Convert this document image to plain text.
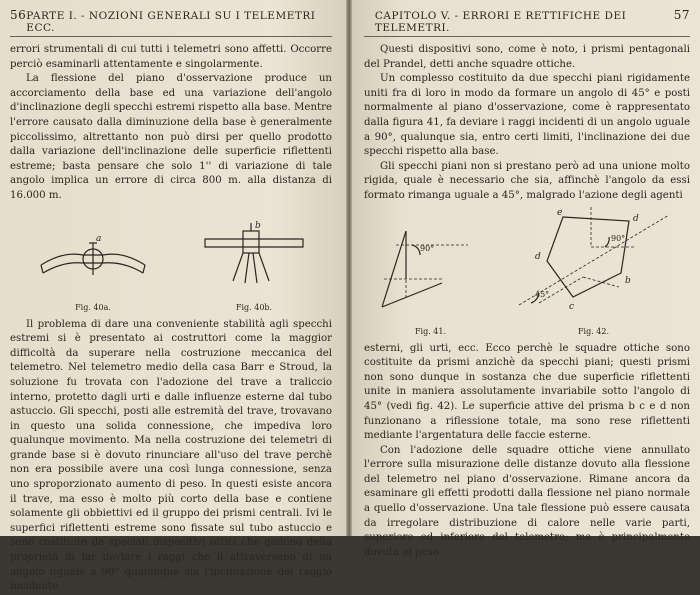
56 PARTE I. - NOZIONI GENERALI SU I TELEMETRI ECC.

errori strumentali di cui tutti i telemetri sono affetti. Occorre perciò esaminarli attentamente e singolarmente.

La flessione del piano d'osservazione produce un accorciamento della base ed una variazione dell'angolo d'inclinazione degli specchi estremi rispetto alla base. Mentre l'errore causato dalla diminuzione della base è generalmente piccolissimo, altrettanto non può dirsi per quello prodotto dalla variazione dell'inclinazione delle superficie riflettenti estreme; basta pensare che solo 1'' di variazione di tale angolo implica un errore di circa 800 m. alla distanza di 16.000 m.

a
Fig. 40a.
b
Fig. 40b.

Il problema di dare una conveniente stabilità agli specchi estremi si è presentato ai costruttori come la maggior difficoltà da superare nella costruzione meccanica del telemetro. Nel telemetro medio della casa Barr e Stroud, la soluzione fu trovata con l'adozione del trave a traliccio interno, protetto dagli urti e dalle influenze esterne dal tubo astuccio. Gli specchi, posti alle estremità del trave, trovavano in questo una solida connessione, che impediva loro qualunque movimento. Ma nella costruzione dei telemetri di grande base si è dovuto rinunciare all'uso del trave perchè non era possibile avere una così lunga connessione, senza uno sproporzionato aumento di peso. In questi esiste ancora il trave, ma esso è molto più corto della base e contiene solamente gli obbiettivi ed il gruppo dei prismi centrali. Ivi le superfici riflettenti estreme sono fissate sul tubo astuccio e sono costituite da speciali dispositivi ottici che godono della proprietà di far deviare i raggi che li attraversano di un angolo uguale a 90° qualunque sia l'inclinazione del raggio incidente.

CAPITOLO V. - ERRORI E RETTIFICHE DEI TELEMETRI.
57

Questi dispositivi sono, come è noto, i prismi pentagonali del Prandel, detti anche squadre ottiche.

Un complesso costituito da due specchi piani rigidamente uniti fra di loro in modo da formare un angolo di 45° e posti normalmente al piano d'osservazione, come è rappresentato dalla figura 41, fa deviare i raggi incidenti di un angolo uguale a 90°, qualunque sia, entro certi limiti, l'inclinazione dei due specchi rispetto alla base.

Gli specchi piani non si prestano però ad una unione molto rigida, quale è necessario che sia, affinchè l'angolo da essi formato rimanga uguale a 45°, malgrado l'azione degli agenti

90°
Fig. 41.
90°
45°
e
d
b
c
d
Fig. 42.

esterni, gli urti, ecc. Ecco perchè le squadre ottiche sono costituite da prismi anzichè da specchi piani; questi prismi non sono dunque in sostanza che due superficie riflettenti unite in maniera assolutamente invariabile sotto l'angolo di 45° (vedi fig. 42). Le superficie attive del prisma b c e d non funzionano a riflessione totale, ma sono rese riflettenti mediante l'argentatura delle faccie esterne.

Con l'adozione delle squadre ottiche viene annullato l'errore sulla misurazione delle distanze dovuto alla flessione del telemetro nel piano d'osservazione. Rimane ancora da esaminare gli effetti prodotti dalla flessione nel piano normale a quello d'osservazione. Una tale flessione può essere causata da irregolare distribuzione di calore nelle varie parti, superiore ed inferiore del telemetro; ma è principalmente dovuta al peso
